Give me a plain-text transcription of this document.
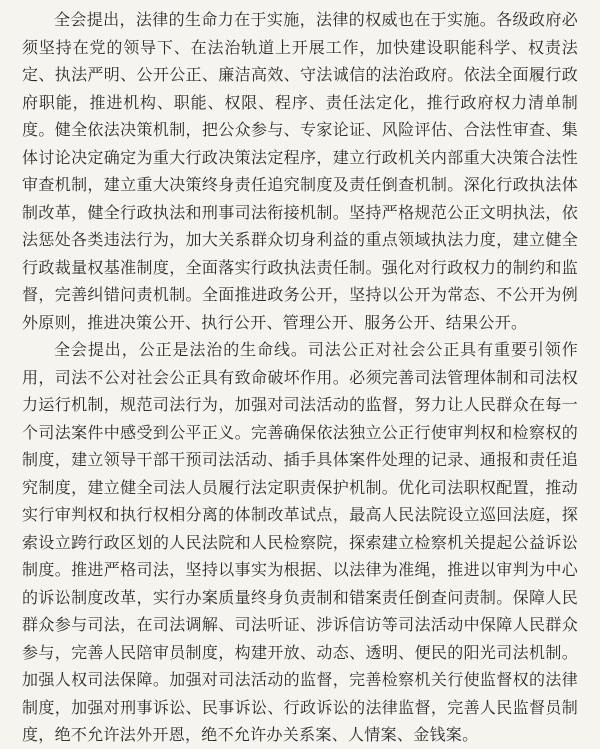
全会提出，法律的生命力在于实施，法律的权威也在于实施。各级政府必须坚持在党的领导下、在法治轨道上开展工作，加快建设职能科学、权责法定、执法严明、公开公正、廉洁高效、守法诚信的法治政府。依法全面履行政府职能，推进机构、职能、权限、程序、责任法定化，推行政府权力清单制度。健全依法决策机制，把公众参与、专家论证、风险评估、合法性审查、集体讨论决定确定为重大行政决策法定程序，建立行政机关内部重大决策合法性审查机制，建立重大决策终身责任追究制度及责任倒查机制。深化行政执法体制改革，健全行政执法和刑事司法衔接机制。坚持严格规范公正文明执法，依法惩处各类违法行为，加大关系群众切身利益的重点领域执法力度，建立健全行政裁量权基准制度，全面落实行政执法责任制。强化对行政权力的制约和监督，完善纠错问责机制。全面推进政务公开，坚持以公开为常态、不公开为例外原则，推进决策公开、执行公开、管理公开、服务公开、结果公开。

全会提出，公正是法治的生命线。司法公正对社会公正具有重要引领作用，司法不公对社会公正具有致命破坏作用。必须完善司法管理体制和司法权力运行机制，规范司法行为，加强对司法活动的监督，努力让人民群众在每一个司法案件中感受到公平正义。完善确保依法独立公正行使审判权和检察权的制度，建立领导干部干预司法活动、插手具体案件处理的记录、通报和责任追究制度，建立健全司法人员履行法定职责保护机制。优化司法职权配置，推动实行审判权和执行权相分离的体制改革试点，最高人民法院设立巡回法庭，探索设立跨行政区划的人民法院和人民检察院，探索建立检察机关提起公益诉讼制度。推进严格司法，坚持以事实为根据、以法律为准绳，推进以审判为中心的诉讼制度改革，实行办案质量终身负责制和错案责任倒查问责制。保障人民群众参与司法，在司法调解、司法听证、涉诉信访等司法活动中保障人民群众参与，完善人民陪审员制度，构建开放、动态、透明、便民的阳光司法机制。加强人权司法保障。加强对司法活动的监督，完善检察机关行使监督权的法律制度，加强对刑事诉讼、民事诉讼、行政诉讼的法律监督，完善人民监督员制度，绝不允许法外开恩，绝不允许办关系案、人情案、金钱案。
